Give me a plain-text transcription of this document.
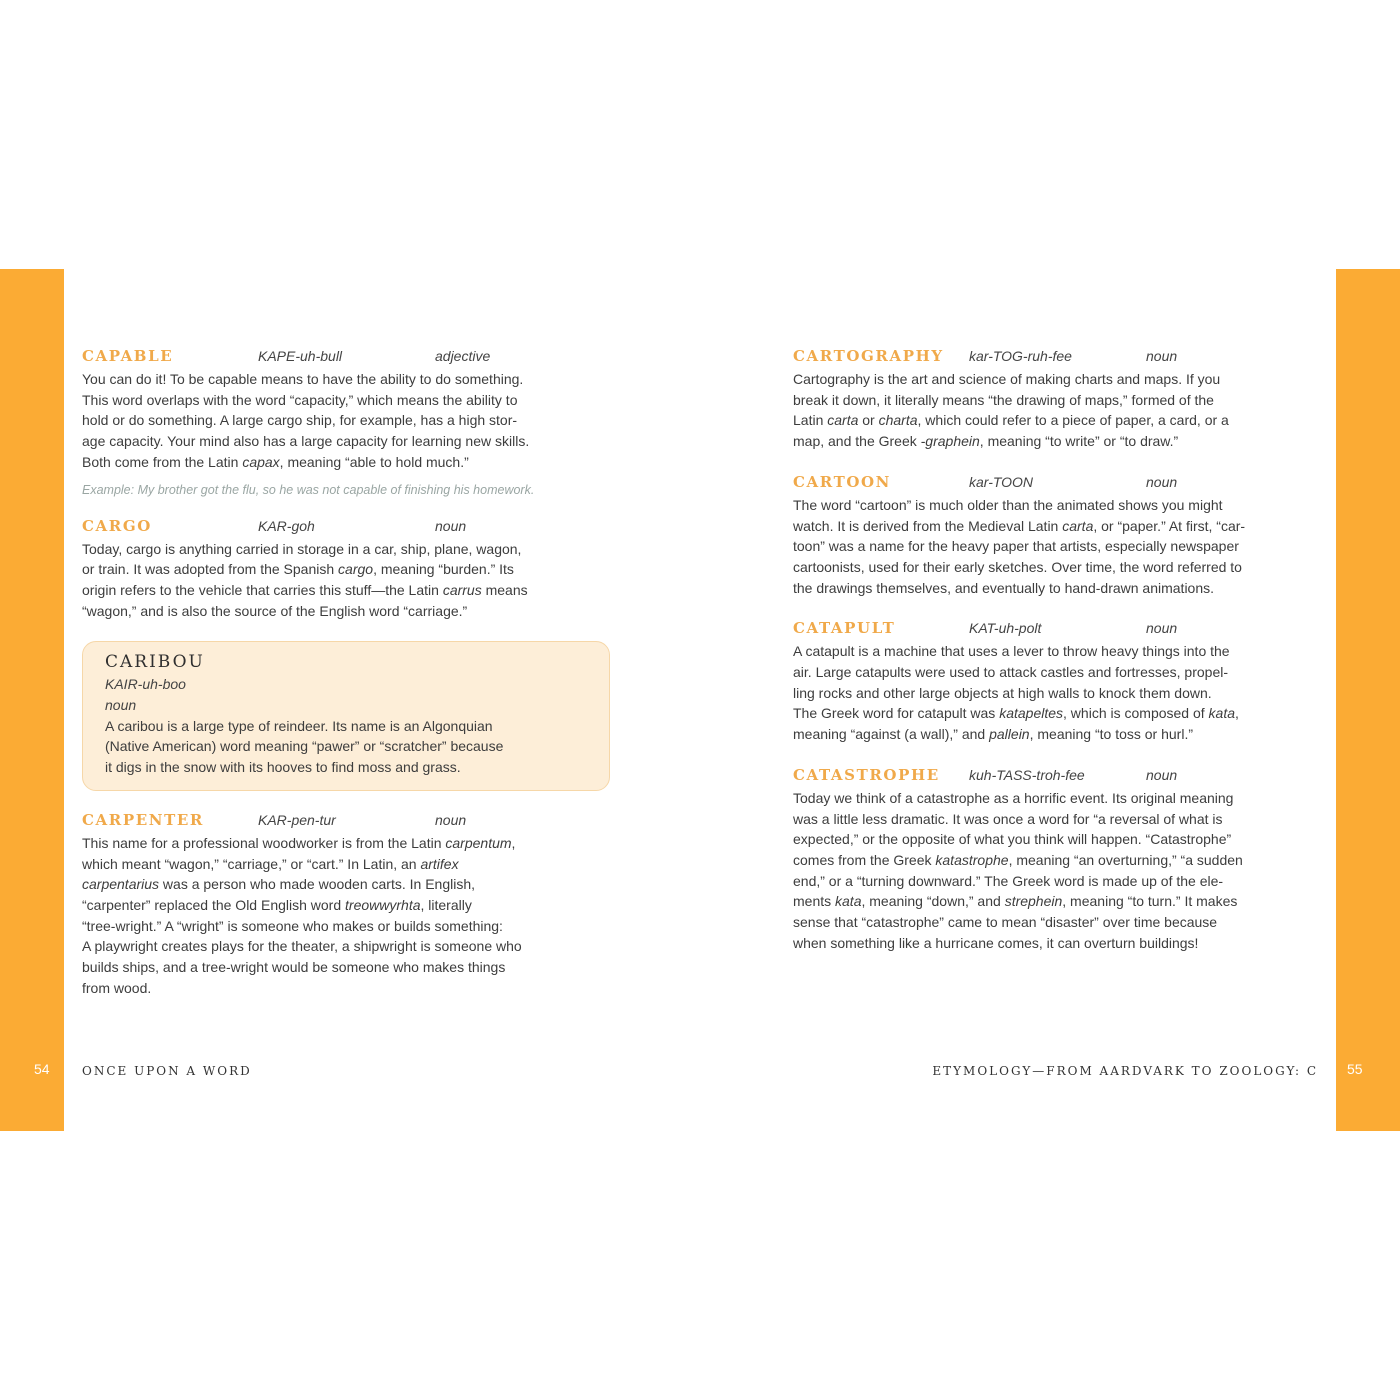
54	ONCE UPON A WORD	55
ETYMOLOGY—FROM AARDVARK TO ZOOLOGY: C
CAPABLE	KAPE-uh-bull	adjective

You can do it! To be capable means to have the ability to do something.
This word overlaps with the word “capacity,” which means the ability to
hold or do something. A large cargo ship, for example, has a high stor-
age capacity. Your mind also has a large capacity for learning new skills.
Both come from the Latin capax, meaning “able to hold much.”

Example: My brother got the flu, so he was not capable of finishing his homework.

CARGO	KAR-goh	noun

Today, cargo is anything carried in storage in a car, ship, plane, wagon,
or train. It was adopted from the Spanish cargo, meaning “burden.” Its
origin refers to the vehicle that carries this stuff—the Latin carrus means
“wagon,” and is also the source of the English word “carriage.”

CARIBOU
KAIR-uh-boo
noun

A caribou is a large type of reindeer. Its name is an Algonquian
(Native American) word meaning “pawer” or “scratcher” because
it digs in the snow with its hooves to find moss and grass.

CARPENTER	KAR-pen-tur	noun

This name for a professional woodworker is from the Latin carpentum,
which meant “wagon,” “carriage,” or “cart.” In Latin, an artifex
carpentarius was a person who made wooden carts. In English,
“carpenter” replaced the Old English word treowwyrhta, literally
“tree-wright.” A “wright” is someone who makes or builds something:
A playwright creates plays for the theater, a shipwright is someone who
builds ships, and a tree-wright would be someone who makes things
from wood.

CARTOGRAPHY kar-TOG-ruh-fee	noun

Cartography is the art and science of making charts and maps. If you
break it down, it literally means “the drawing of maps,” formed of the
Latin carta or charta, which could refer to a piece of paper, a card, or a
map, and the Greek -graphein, meaning “to write” or “to draw.”

CARTOON	kar-TOON	noun

The word “cartoon” is much older than the animated shows you might
watch. It is derived from the Medieval Latin carta, or “paper.” At first, “car-
toon” was a name for the heavy paper that artists, especially newspaper
cartoonists, used for their early sketches. Over time, the word referred to
the drawings themselves, and eventually to hand-drawn animations.

CATAPULT	KAT-uh-polt	noun

A catapult is a machine that uses a lever to throw heavy things into the
air. Large catapults were used to attack castles and fortresses, propel-
ling rocks and other large objects at high walls to knock them down.
The Greek word for catapult was katapeltes, which is composed of kata,
meaning “against (a wall),” and pallein, meaning “to toss or hurl.”

CATASTROPHE kuh-TASS-troh-fee	noun

Today we think of a catastrophe as a horrific event. Its original meaning
was a little less dramatic. It was once a word for “a reversal of what is
expected,” or the opposite of what you think will happen. “Catastrophe”
comes from the Greek katastrophe, meaning “an overturning,” “a sudden
end,” or a “turning downward.” The Greek word is made up of the ele-
ments kata, meaning “down,” and strephein, meaning “to turn.” It makes
sense that “catastrophe” came to mean “disaster” over time because
when something like a hurricane comes, it can overturn buildings!
